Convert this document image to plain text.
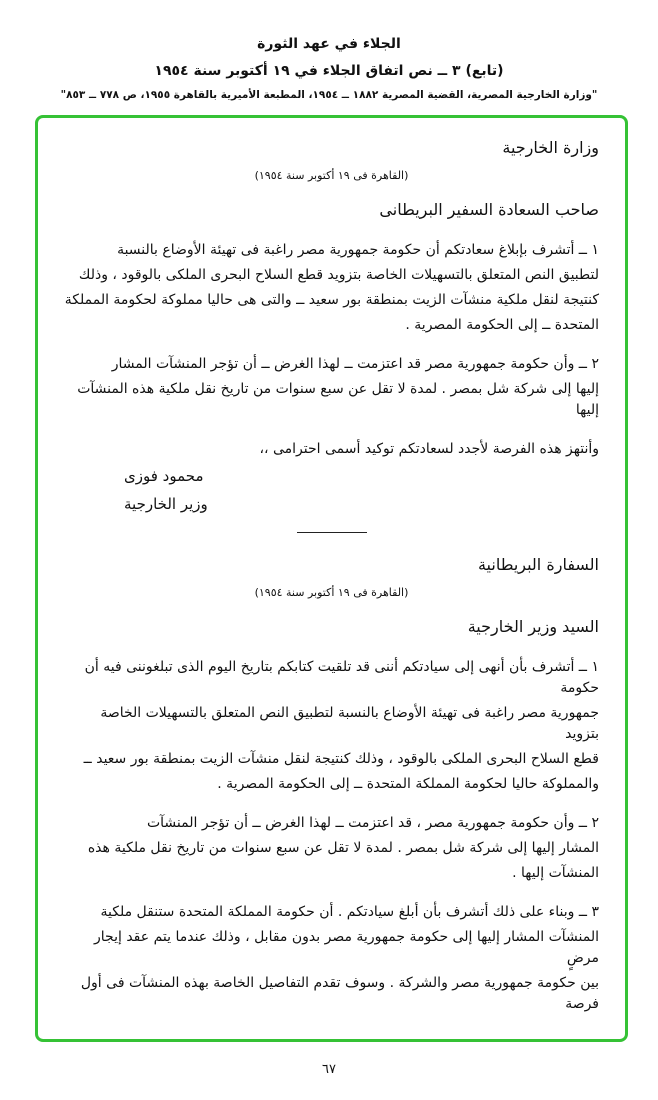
الجلاء في عهد الثورة
(تابع) ٣ ــ نص اتفاق الجلاء في ١٩ أكتوبر سنة ١٩٥٤
"وزارة الخارجية المصرية، القضية المصرية ١٨٨٢ ــ ١٩٥٤، المطبعة الأميرية بالقاهرة ١٩٥٥، ص ٧٧٨ ــ ٨٥٣"
وزارة الخارجية
(القاهرة فى ١٩ أكتوبر سنة ١٩٥٤)
صاحب السعادة السفير البريطانى
١ ــ أتشرف بإبلاغ سعادتكم أن حكومة جمهورية مصر راغبة فى تهيئة الأوضاع بالنسبة
لتطبيق النص المتعلق بالتسهيلات الخاصة بتزويد قطع السلاح البحرى الملكى بالوقود ، وذلك
كنتيجة لنقل ملكية منشآت الزيت بمنطقة بور سعيد ــ والتى هى حاليا مملوكة لحكومة المملكة
المتحدة ــ إلى الحكومة المصرية .
٢ ــ وأن حكومة جمهورية مصر قد اعتزمت ــ لهذا الغرض ــ أن تؤجر المنشآت المشار
إليها إلى شركة شل بمصر . لمدة لا تقل عن سبع سنوات من تاريخ نقل ملكية هذه المنشآت إليها
وأنتهز هذه الفرصة لأجدد لسعادتكم توكيد أسمى احترامى ،،
محمود فوزى
وزير الخارجية
السفارة البريطانية
(القاهرة فى ١٩ أكتوبر سنة ١٩٥٤)
السيد وزير الخارجية
١ ــ أتشرف بأن أنهى إلى سيادتكم أننى قد تلقيت كتابكم بتاريخ اليوم الذى تبلغوننى فيه أن حكومة
جمهورية مصر راغبة فى تهيئة الأوضاع بالنسبة لتطبيق النص المتعلق بالتسهيلات الخاصة بتزويد
قطع السلاح البحرى الملكى بالوقود ، وذلك كنتيجة لنقل منشآت الزيت بمنطقة بور سعيد ــ
والمملوكة حاليا لحكومة المملكة المتحدة ــ إلى الحكومة المصرية .
٢ ــ وأن حكومة جمهورية مصر ، قد اعتزمت ــ لهذا الغرض ــ أن تؤجر المنشآت
المشار إليها إلى شركة شل بمصر . لمدة لا تقل عن سبع سنوات من تاريخ نقل ملكية هذه
المنشآت إليها .
٣ ــ وبناء على ذلك أتشرف بأن أبلغ سيادتكم . أن حكومة المملكة المتحدة ستنقل ملكية
المنشآت المشار إليها إلى حكومة جمهورية مصر بدون مقابل ، وذلك عندما يتم عقد إيجار مرضٍ
بين حكومة جمهورية مصر والشركة . وسوف تقدم التفاصيل الخاصة بهذه المنشآت فى أول فرصة
٦٧
